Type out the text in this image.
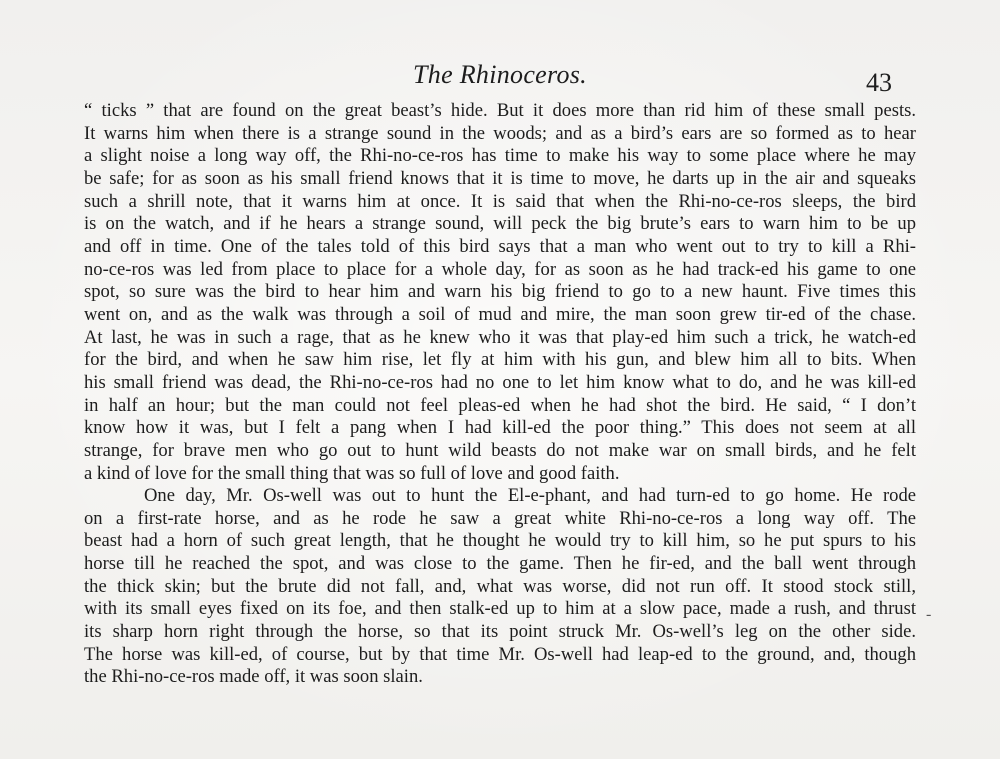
The Rhinoceros.	43
“ ticks ” that are found on the great beast’s hide. But it does more than rid him of these small pests.
It warns him when there is a strange sound in the woods; and as a bird’s ears are so formed as to hear
a slight noise a long way off, the Rhi-no-ce-ros has time to make his way to some place where he may
be safe; for as soon as his small friend knows that it is time to move, he darts up in the air and squeaks
such a shrill note, that it warns him at once. It is said that when the Rhi-no-ce-ros sleeps, the bird
is on the watch, and if he hears a strange sound, will peck the big brute’s ears to warn him to be up
and off in time. One of the tales told of this bird says that a man who went out to try to kill a Rhi-
no-ce-ros was led from place to place for a whole day, for as soon as he had track-ed his game to one
spot, so sure was the bird to hear him and warn his big friend to go to a new haunt. Five times this
went on, and as the walk was through a soil of mud and mire, the man soon grew tir-ed of the chase.
At last, he was in such a rage, that as he knew who it was that play-ed him such a trick, he watch-ed
for the bird, and when he saw him rise, let fly at him with his gun, and blew him all to bits. When
his small friend was dead, the Rhi-no-ce-ros had no one to let him know what to do, and he was kill-ed
in half an hour; but the man could not feel pleas-ed when he had shot the bird. He said, “ I don’t
know how it was, but I felt a pang when I had kill-ed the poor thing.” This does not seem at all
strange, for brave men who go out to hunt wild beasts do not make war on small birds, and he felt
a kind of love for the small thing that was so full of love and good faith.
One day, Mr. Os-well was out to hunt the El-e-phant, and had turn-ed to go home. He rode
on a first-rate horse, and as he rode he saw a great white Rhi-no-ce-ros a long way off. The
beast had a horn of such great length, that he thought he would try to kill him, so he put spurs to his
horse till he reached the spot, and was close to the game. Then he fir-ed, and the ball went through
the thick skin; but the brute did not fall, and, what was worse, did not run off. It stood stock still,
with its small eyes fixed on its foe, and then stalk-ed up to him at a slow pace, made a rush, and thrust
its sharp horn right through the horse, so that its point struck Mr. Os-well’s leg on the other side.
The horse was kill-ed, of course, but by that time Mr. Os-well had leap-ed to the ground, and, though
the Rhi-no-ce-ros made off, it was soon slain.
-
